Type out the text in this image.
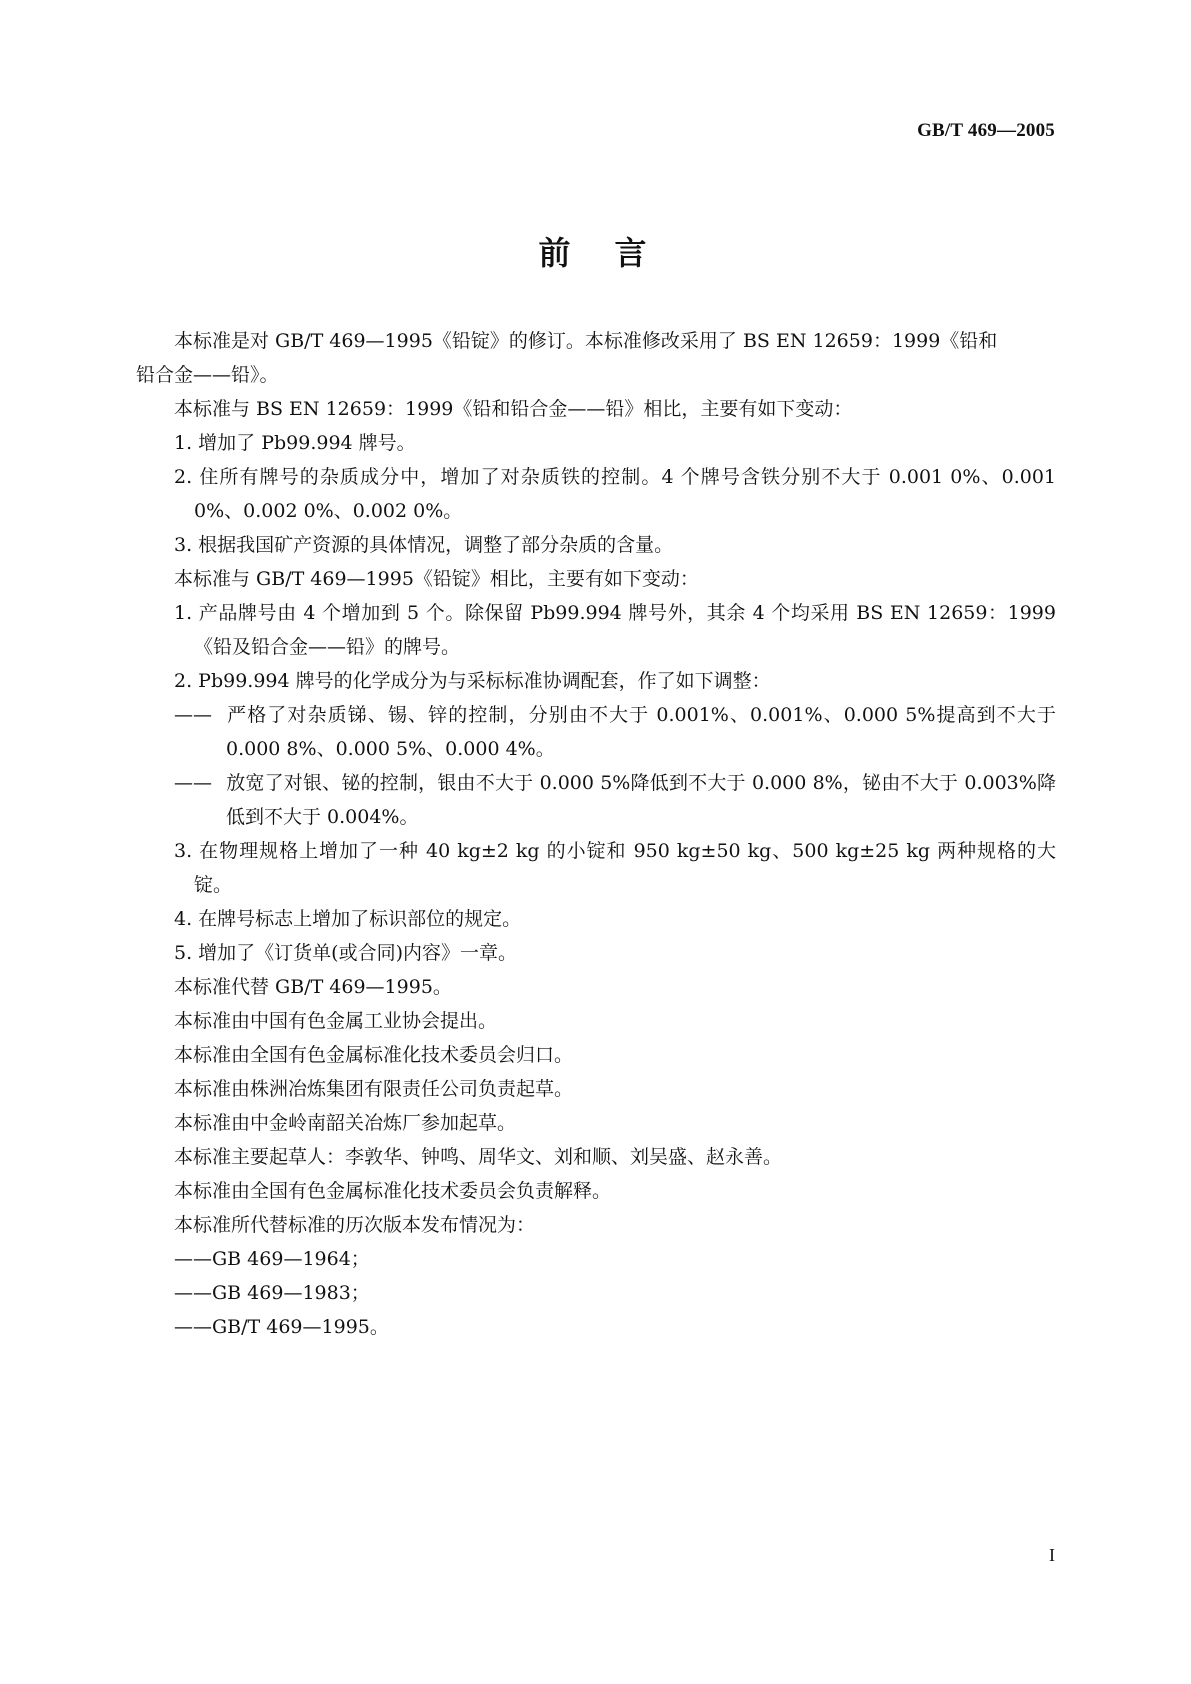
GB/T 469—2005
前　言
本标准是对 GB/T 469—1995《铅锭》的修订。本标准修改采用了 BS EN 12659：1999《铅和
铅合金——铅》。
本标准与 BS EN 12659：1999《铅和铅合金——铅》相比，主要有如下变动：
1. 增加了 Pb99.994 牌号。
2. 住所有牌号的杂质成分中，增加了对杂质铁的控制。4 个牌号含铁分别不大于 0.001 0%、0.001 0%、0.002 0%、0.002 0%。
3. 根据我国矿产资源的具体情况，调整了部分杂质的含量。
本标准与 GB/T 469—1995《铅锭》相比，主要有如下变动：
1. 产品牌号由 4 个增加到 5 个。除保留 Pb99.994 牌号外，其余 4 个均采用 BS EN 12659：1999《铅及铅合金——铅》的牌号。
2. Pb99.994 牌号的化学成分为与采标标准协调配套，作了如下调整：
—— 严格了对杂质锑、锡、锌的控制，分别由不大于 0.001%、0.001%、0.000 5%提高到不大于 0.000 8%、0.000 5%、0.000 4%。
—— 放宽了对银、铋的控制，银由不大于 0.000 5%降低到不大于 0.000 8%，铋由不大于 0.003%降低到不大于 0.004%。
3. 在物理规格上增加了一种 40 kg±2 kg 的小锭和 950 kg±50 kg、500 kg±25 kg 两种规格的大锭。
4. 在牌号标志上增加了标识部位的规定。
5. 增加了《订货单(或合同)内容》一章。
本标准代替 GB/T 469—1995。
本标准由中国有色金属工业协会提出。
本标准由全国有色金属标准化技术委员会归口。
本标准由株洲冶炼集团有限责任公司负责起草。
本标准由中金岭南韶关冶炼厂参加起草。
本标准主要起草人：李敦华、钟鸣、周华文、刘和顺、刘吴盛、赵永善。
本标准由全国有色金属标准化技术委员会负责解释。
本标准所代替标准的历次版本发布情况为：
——GB 469—1964；
——GB 469—1983；
——GB/T 469—1995。
I
